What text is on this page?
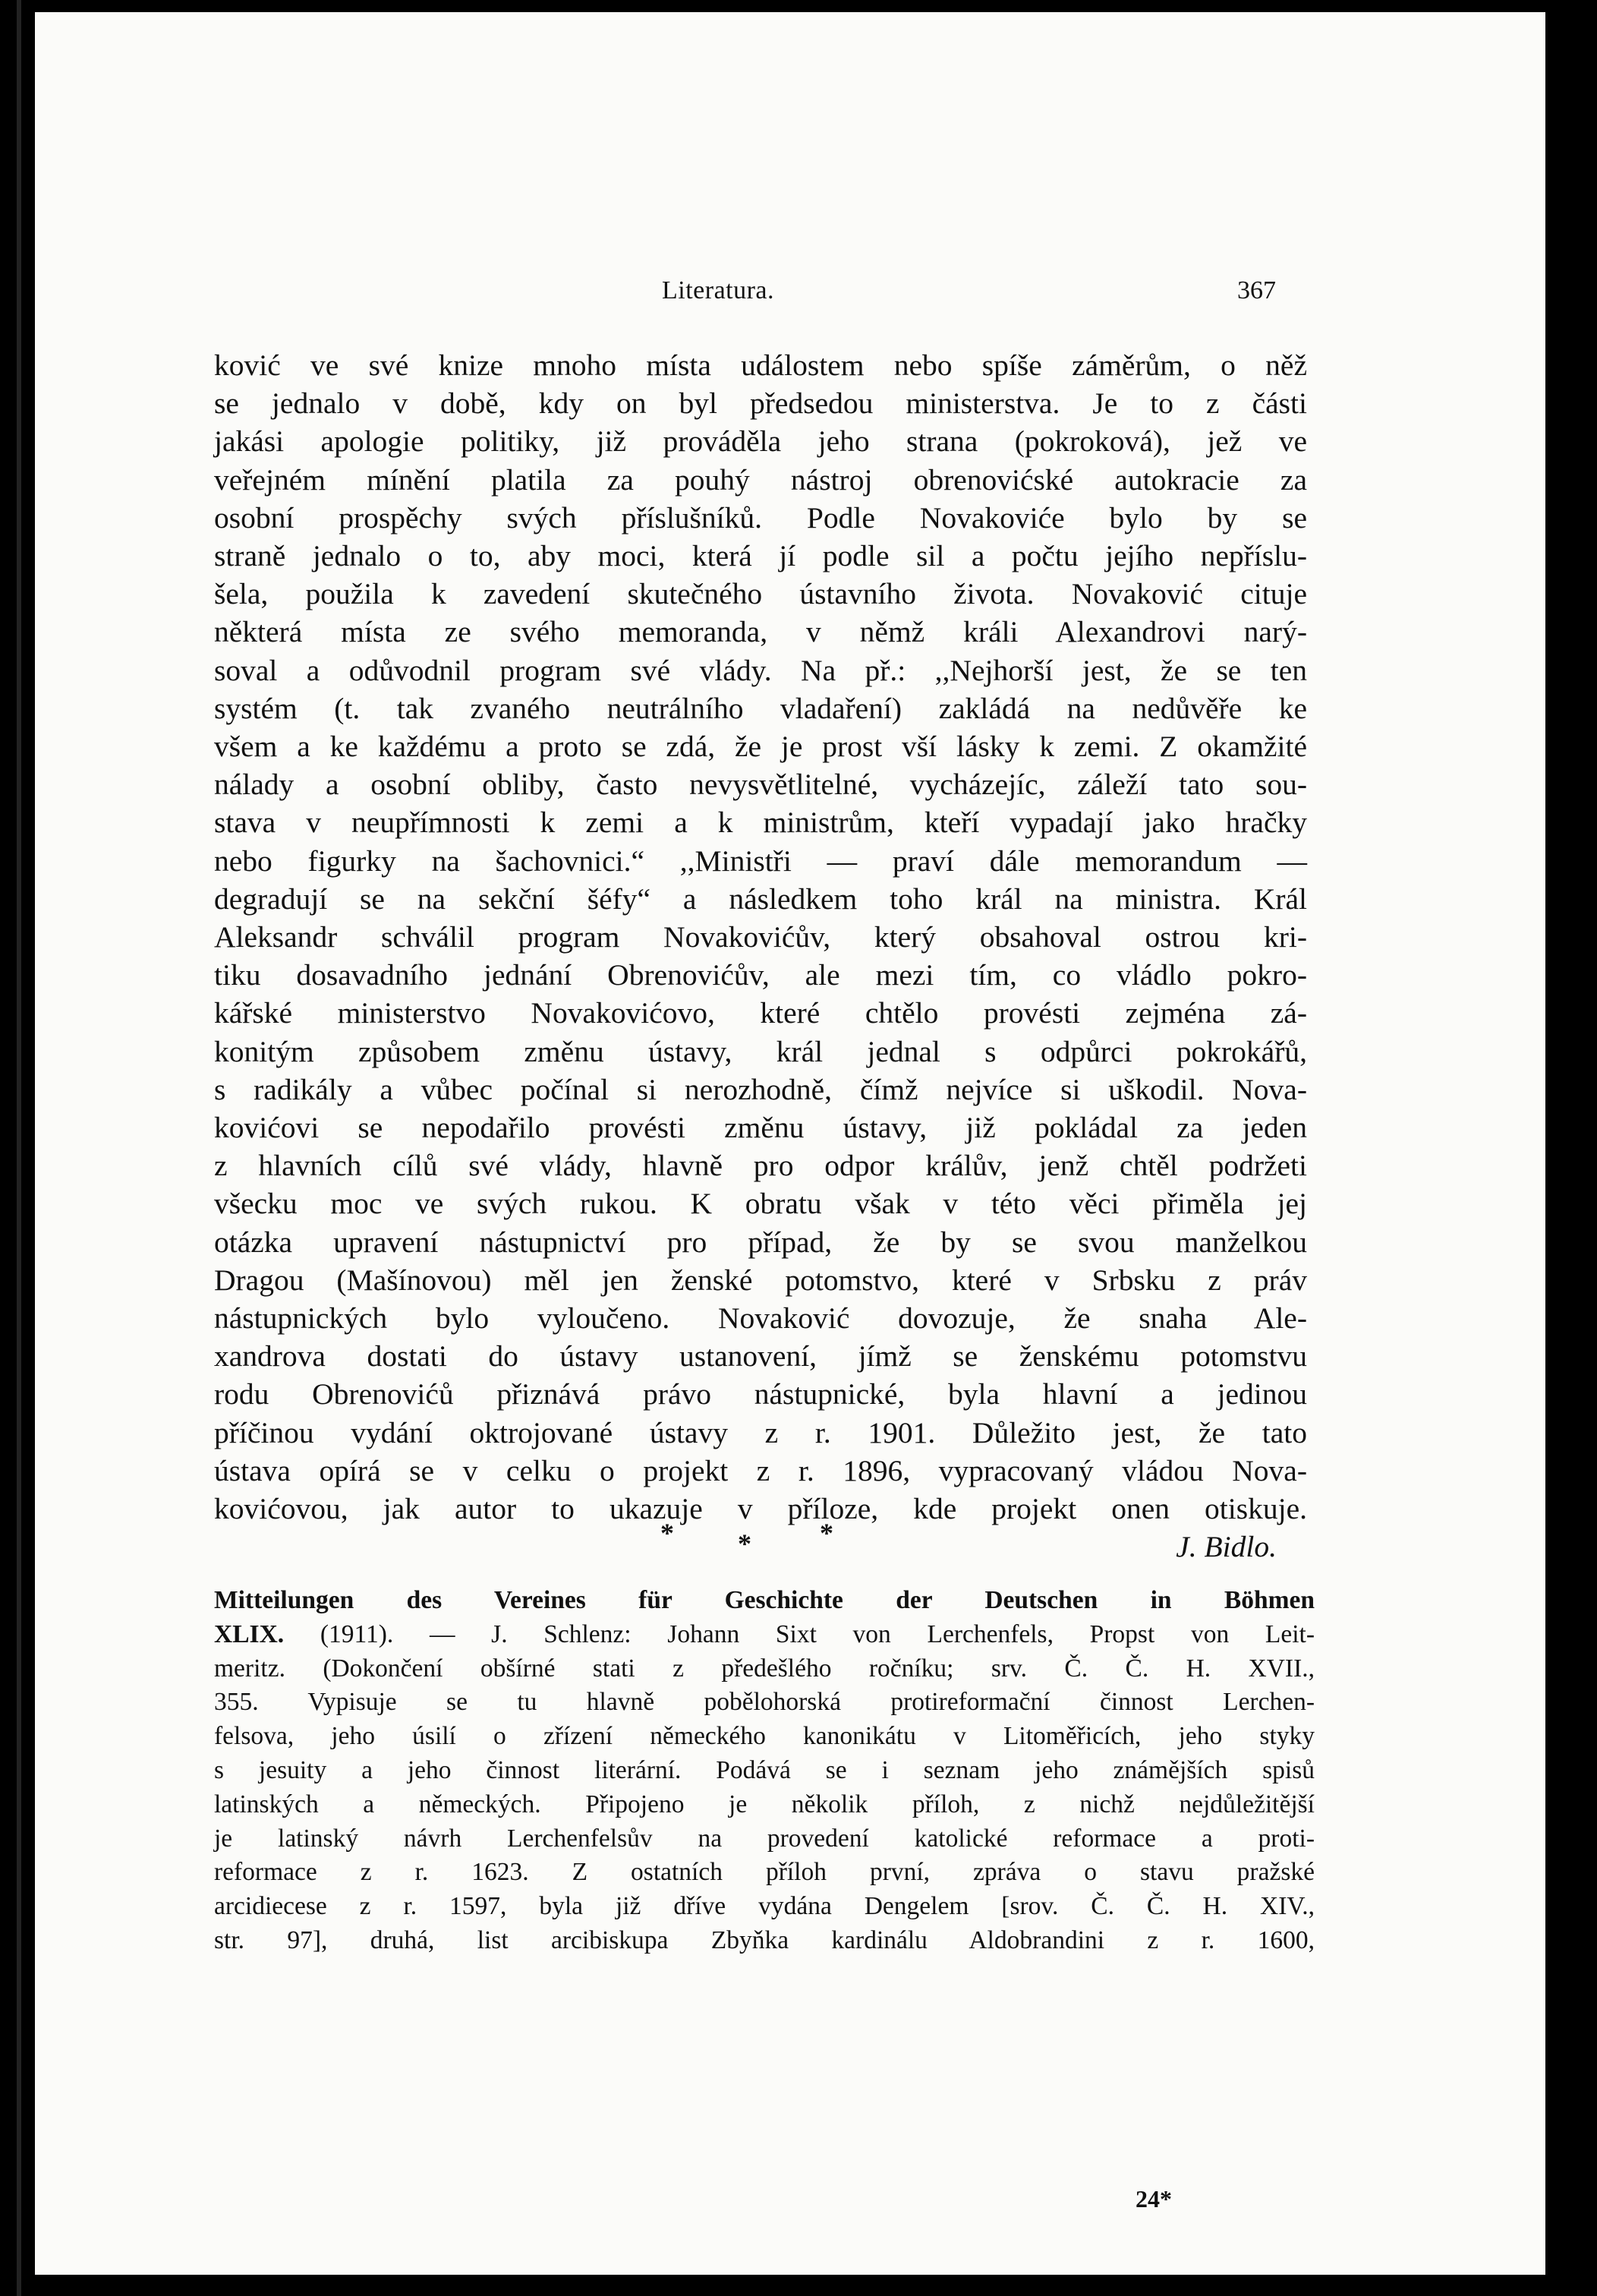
Literatura.	367
ković ve své knize mnoho místa událostem nebo spíše záměrům, o něž
se jednalo v době, kdy on byl předsedou ministerstva. Je to z části
jakási apologie politiky, již prováděla jeho strana (pokroková), jež ve
veřejném mínění platila za pouhý nástroj obrenovićské autokracie za
osobní prospěchy svých příslušníků. Podle Novakoviće bylo by se
straně jednalo o to, aby moci, která jí podle sil a počtu jejího nepříslu-
šela, použila k zavedení skutečného ústavního života. Novaković cituje
některá místa ze svého memoranda, v němž králi Alexandrovi narý-
soval a odůvodnil program své vlády. Na př.: ,,Nejhorší jest, že se ten
systém (t. tak zvaného neutrálního vladaření) zakládá na nedůvěře ke
všem a ke každému a proto se zdá, že je prost vší lásky k zemi. Z okamžité
nálady a osobní obliby, často nevysvětlitelné, vycházejíc, záleží tato sou-
stava v neupřímnosti k zemi a k ministrům, kteří vypadají jako hračky
nebo figurky na šachovnici.“ ,,Ministři — praví dále memorandum —
degradují se na sekční šéfy“ a následkem toho král na ministra. Král
Aleksandr schválil program Novakovićův, který obsahoval ostrou kri-
tiku dosavadního jednání Obrenovićův, ale mezi tím, co vládlo pokro-
kářské ministerstvo Novakovićovo, které chtělo provésti zejména zá-
konitým způsobem změnu ústavy, král jednal s odpůrci pokrokářů,
s radikály a vůbec počínal si nerozhodně, čímž nejvíce si uškodil. Nova-
kovićovi se nepodařilo provésti změnu ústavy, již pokládal za jeden
z hlavních cílů své vlády, hlavně pro odpor králův, jenž chtěl podržeti
všecku moc ve svých rukou. K obratu však v této věci přiměla jej
otázka upravení nástupnictví pro případ, že by se svou manželkou
Dragou (Mašínovou) měl jen ženské potomstvo, které v Srbsku z práv
nástupnických bylo vyloučeno. Novaković dovozuje, že snaha Ale-
xandrova dostati do ústavy ustanovení, jímž se ženskému potomstvu
rodu Obrenovićů přiznává právo nástupnické, byla hlavní a jedinou
příčinou vydání oktrojované ústavy z r. 1901. Důležito jest, že tato
ústava opírá se v celku o projekt z r. 1896, vypracovaný vládou Nova-
kovićovou, jak autor to ukazuje v příloze, kde projekt onen otiskuje.
J. Bidlo.
* *	*
Mitteilungen des Vereines für Geschichte der Deutschen in Böhmen
XLIX. (1911). — J. Schlenz: Johann Sixt von Lerchenfels, Propst von Leit-
meritz. (Dokončení obšírné stati z předešlého ročníku; srv. Č. Č. H. XVII.,
355. Vypisuje se tu hlavně pobělohorská protireformační činnost Lerchen-
felsova, jeho úsilí o zřízení německého kanonikátu v Litoměřicích, jeho styky
s jesuity a jeho činnost literární. Podává se i seznam jeho známějších spisů
latinských a německých. Připojeno je několik příloh, z nichž nejdůležitější
je latinský návrh Lerchenfelsův na provedení katolické reformace a proti-
reformace z r. 1623. Z ostatních příloh první, zpráva o stavu pražské
arcidiecese z r. 1597, byla již dříve vydána Dengelem [srov. Č. Č. H. XIV.,
str. 97], druhá, list arcibiskupa Zbyňka kardinálu Aldobrandini z r. 1600,
24*
